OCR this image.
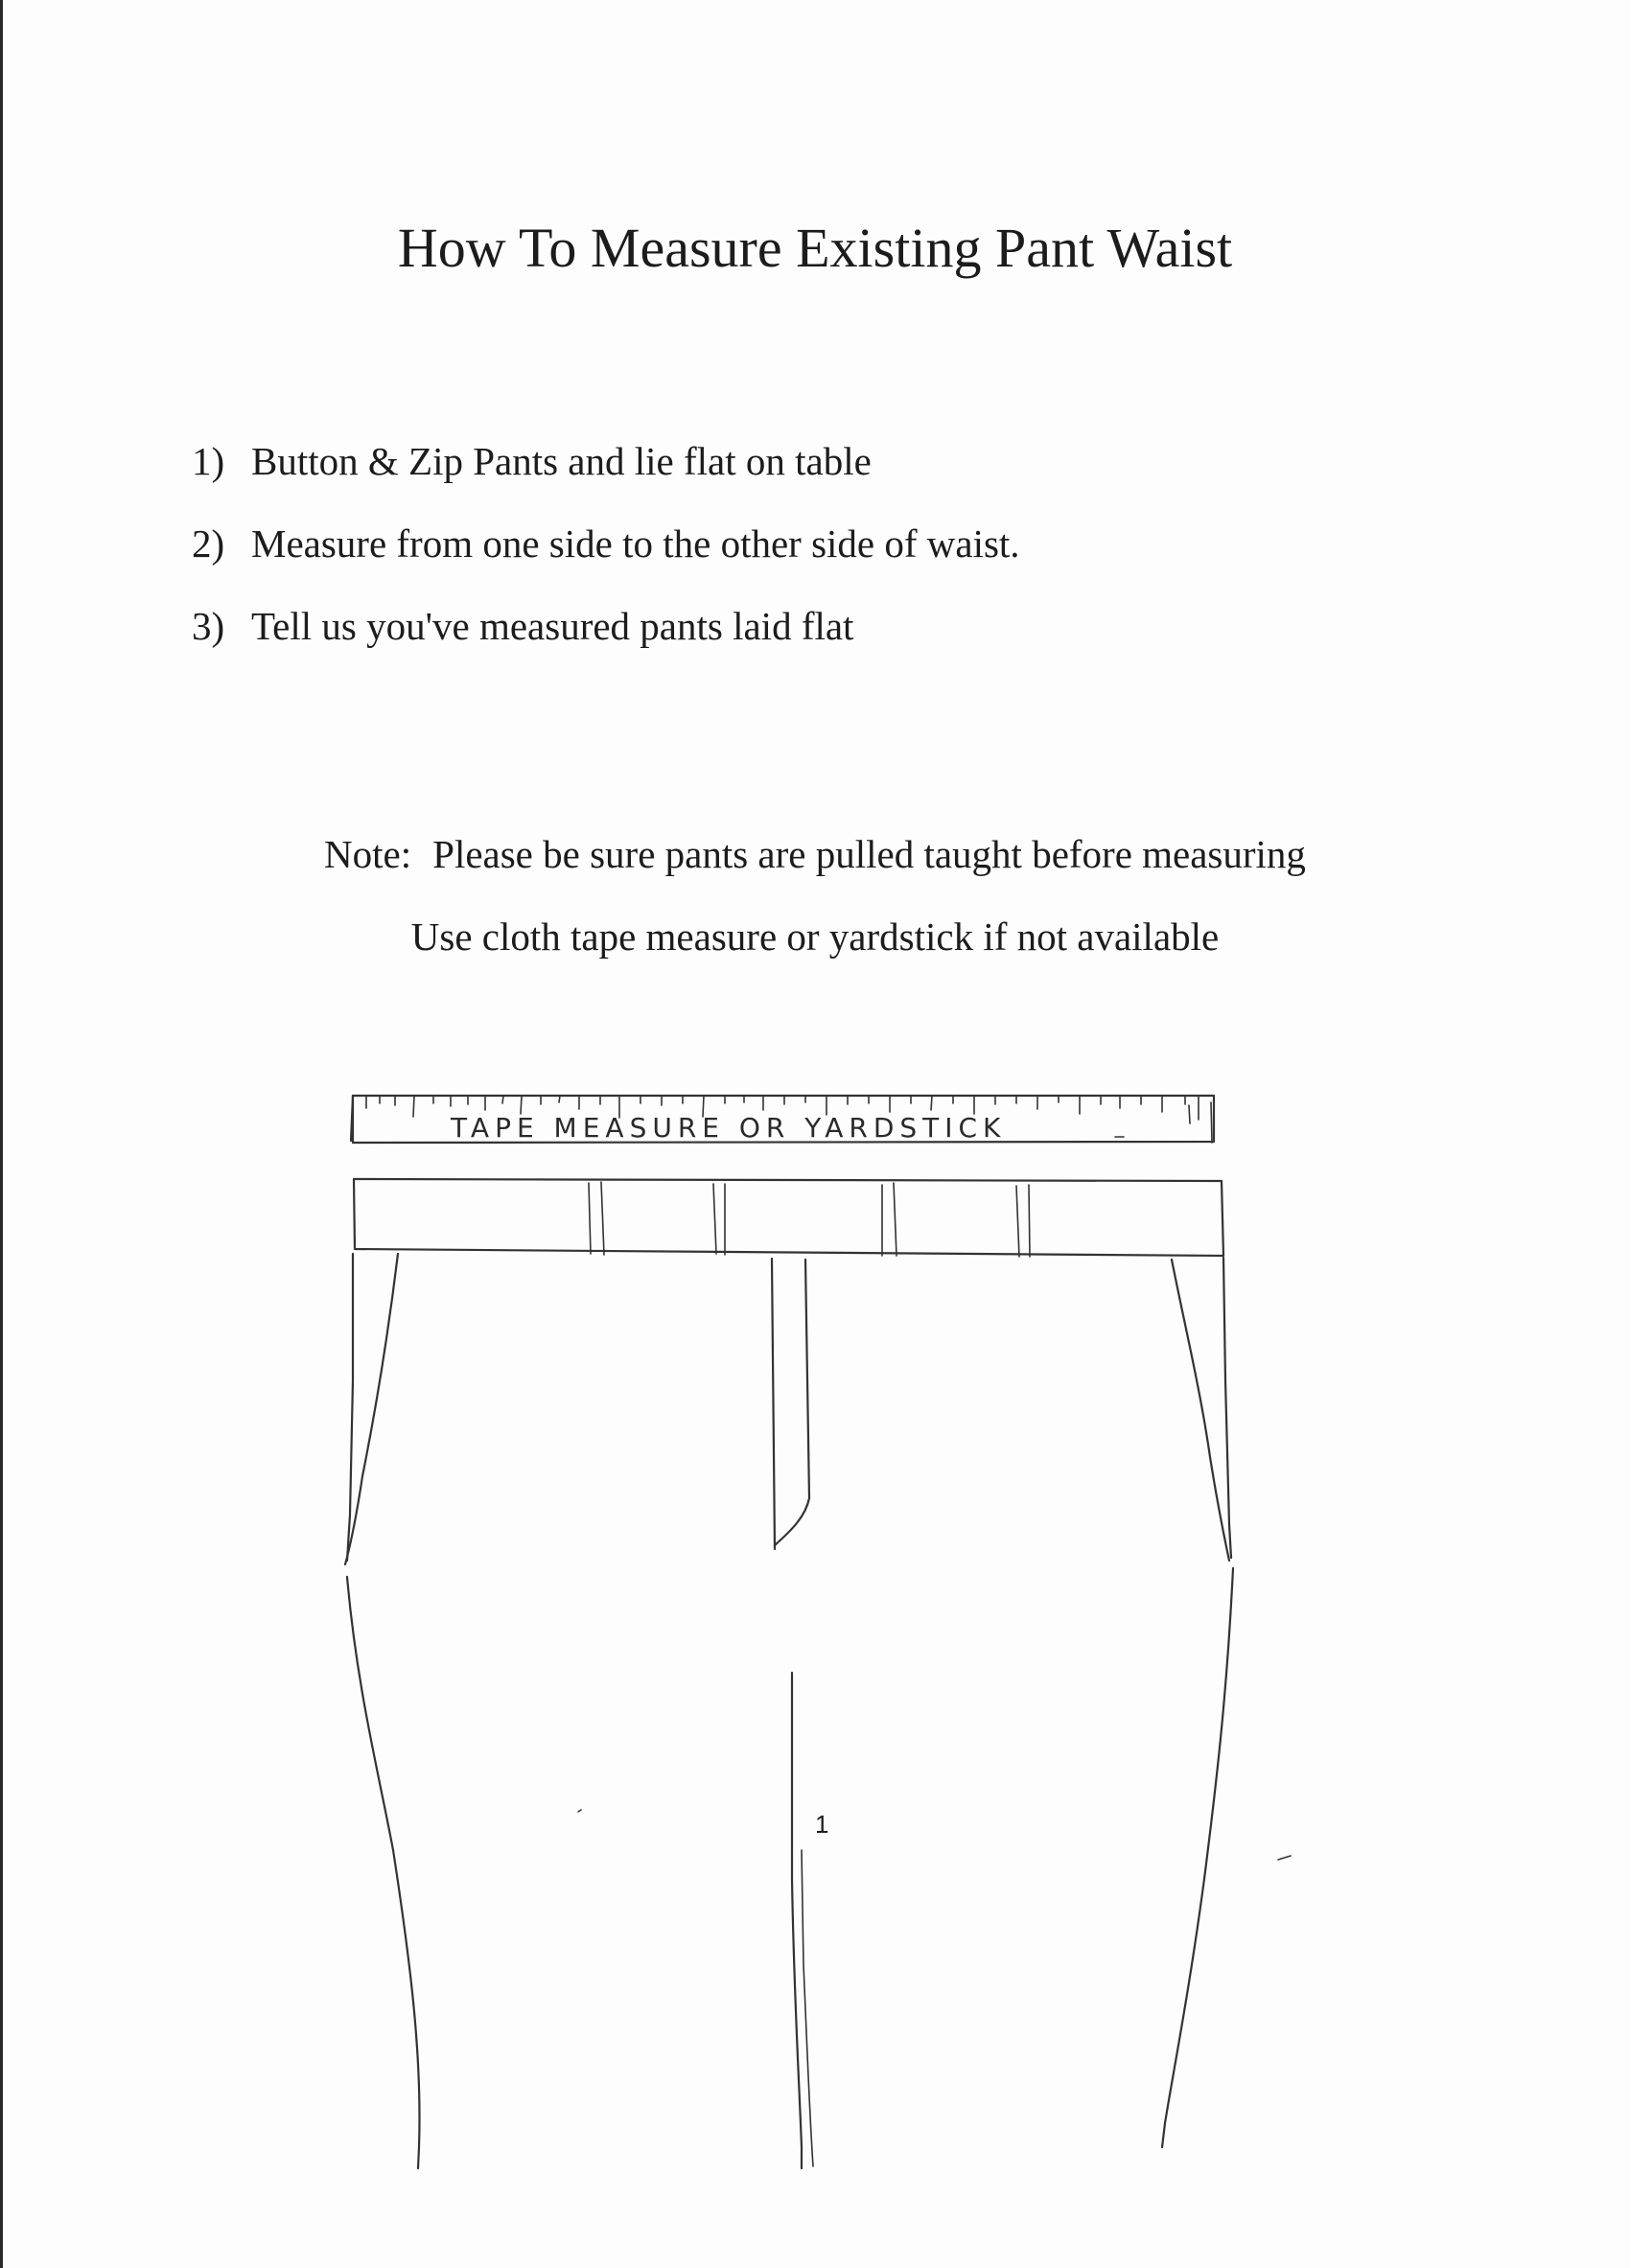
How To Measure Existing Pant Waist
1) Button & Zip Pants and lie flat on table
2) Measure from one side to the other side of waist.
3) Tell us you've measured pants laid flat
Note: Please be sure pants are pulled taught before measuring
Use cloth tape measure or yardstick if not available
TAPE MEASURE OR YARDSTICK
1
